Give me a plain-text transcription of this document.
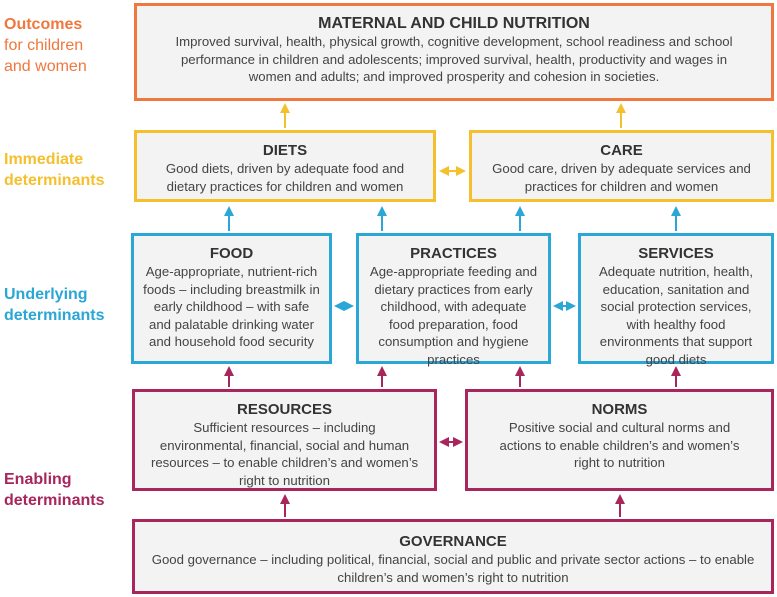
Outcomes
for children
and women
Immediate
determinants
Underlying
determinants
Enabling
determinants
MATERNAL AND CHILD NUTRITION
Improved survival, health, physical growth, cognitive development, school readiness and school performance in children and adolescents; improved survival, health, productivity and wages in women and adults; and improved prosperity and cohesion in societies.
DIETS
Good diets, driven by adequate food and dietary practices for children and women
CARE
Good care, driven by adequate services and practices for children and women
FOOD
Age-appropriate, nutrient-rich foods – including breastmilk in early childhood – with safe and palatable drinking water and household food security
PRACTICES
Age-appropriate feeding and dietary practices from early childhood, with adequate food preparation, food consumption and hygiene practices
SERVICES
Adequate nutrition, health, education, sanitation and social protection services, with healthy food environments that support good diets
RESOURCES
Sufficient resources – including environmental, financial, social and human resources – to enable children’s and women’s right to nutrition
NORMS
Positive social and cultural norms and actions to enable children’s and women’s right to nutrition
GOVERNANCE
Good governance – including political, financial, social and public and private sector actions – to enable children’s and women’s right to nutrition
